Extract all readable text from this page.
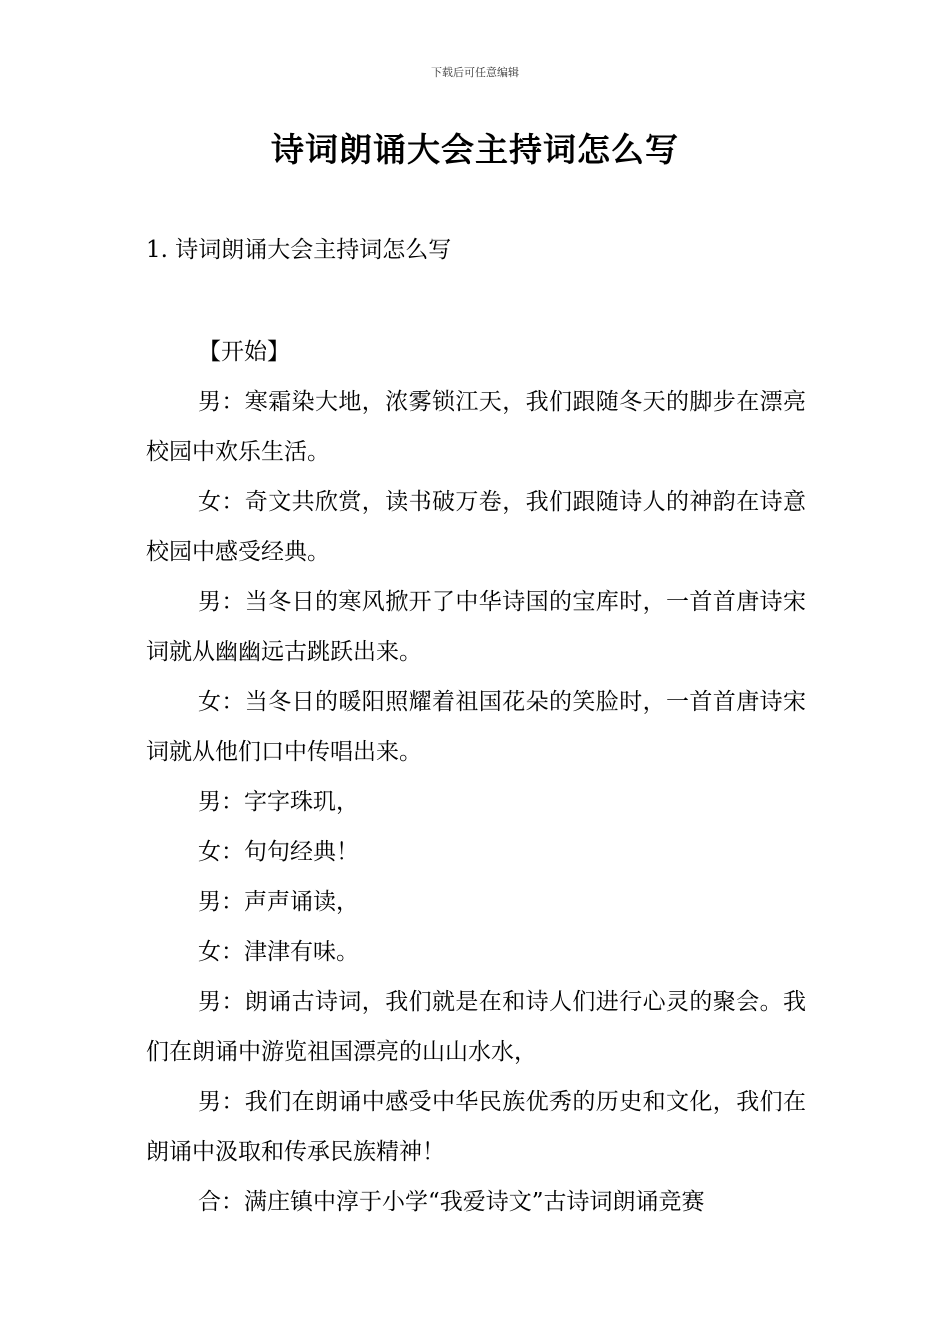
下载后可任意编辑
诗词朗诵大会主持词怎么写
1. 诗词朗诵大会主持词怎么写

【开始】

男：寒霜染大地，浓雾锁江天，我们跟随冬天的脚步在漂亮校园中欢乐生活。

女：奇文共欣赏，读书破万卷，我们跟随诗人的神韵在诗意校园中感受经典。

男：当冬日的寒风掀开了中华诗国的宝库时，一首首唐诗宋词就从幽幽远古跳跃出来。

女：当冬日的暖阳照耀着祖国花朵的笑脸时，一首首唐诗宋词就从他们口中传唱出来。

男：字字珠玑，

女：句句经典！

男：声声诵读，

女：津津有味。

男：朗诵古诗词，我们就是在和诗人们进行心灵的聚会。我们在朗诵中游览祖国漂亮的山山水水，

男：我们在朗诵中感受中华民族优秀的历史和文化，我们在朗诵中汲取和传承民族精神！

合：满庄镇中淳于小学“我爱诗文”古诗词朗诵竞赛
